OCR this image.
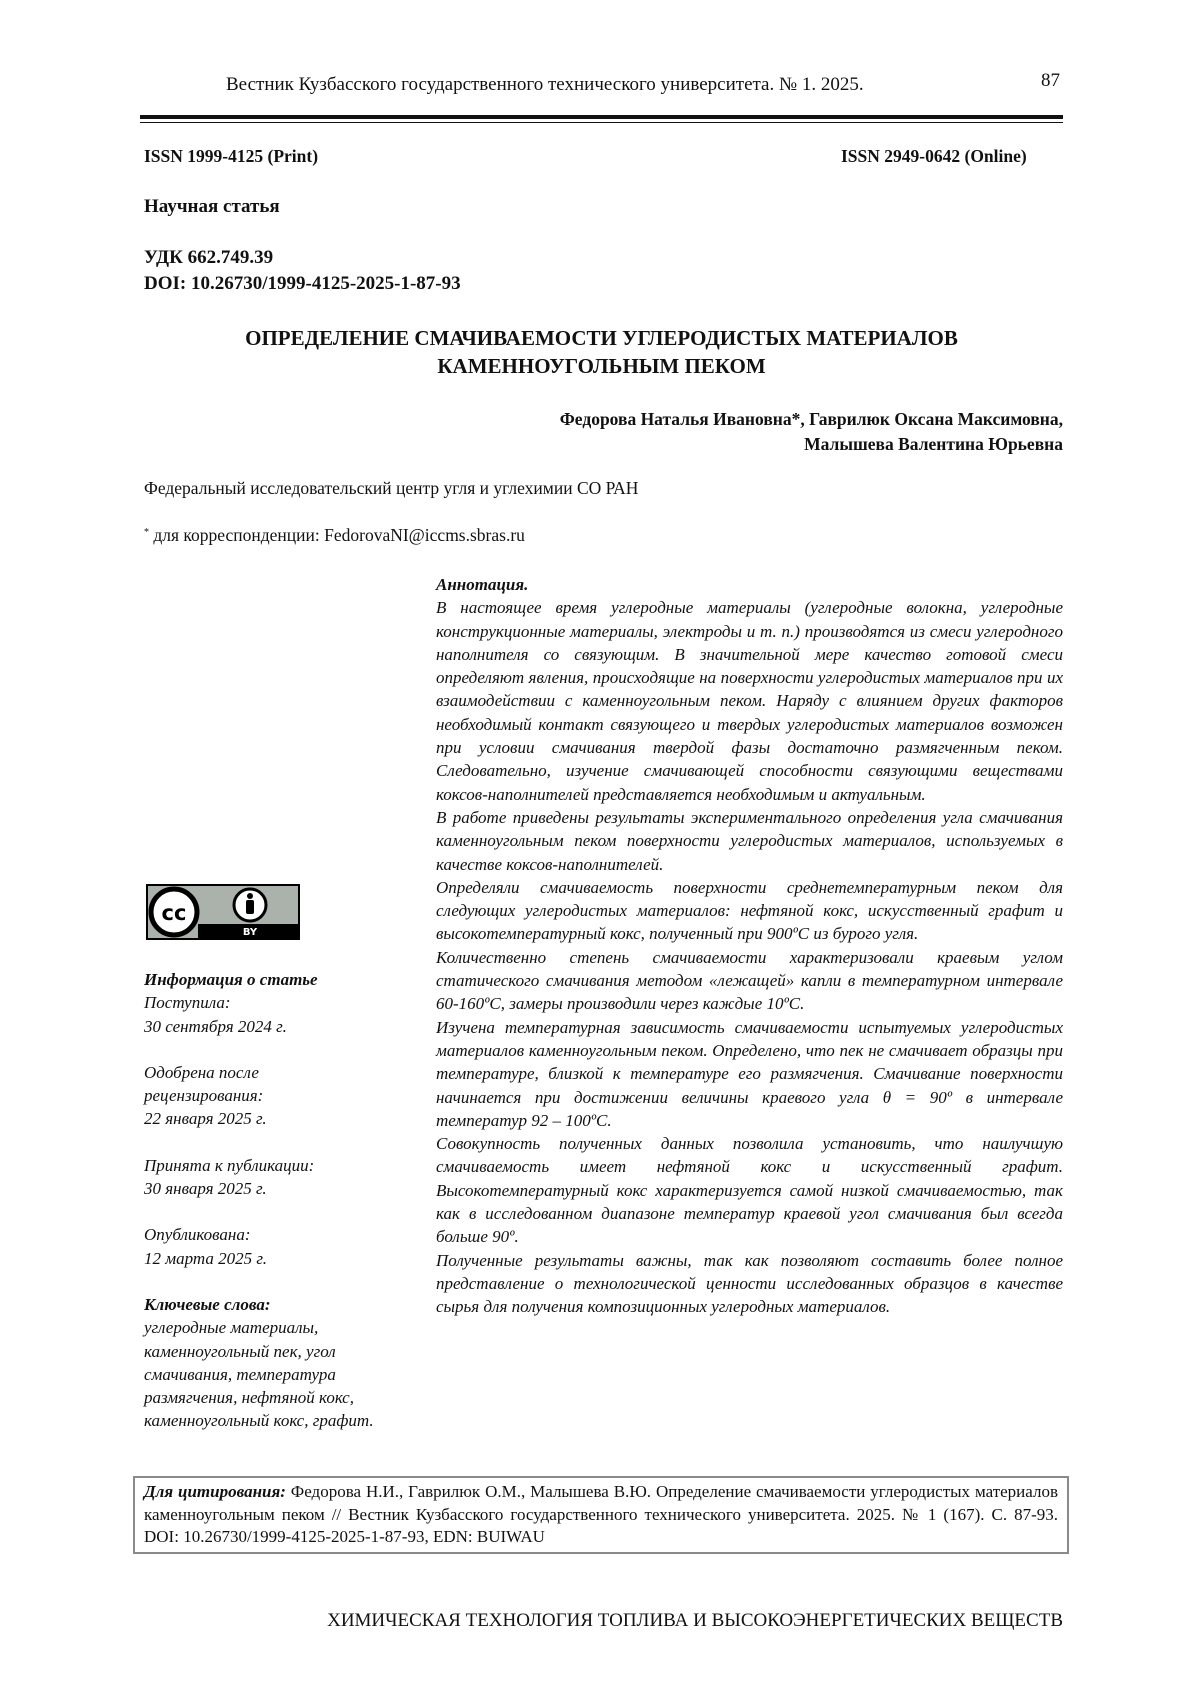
Вестник Кузбасского государственного технического университета. № 1. 2025.	87
ISSN 1999-4125 (Print)	ISSN 2949-0642 (Online)
Научная статья
УДК 662.749.39
DOI: 10.26730/1999-4125-2025-1-87-93
ОПРЕДЕЛЕНИЕ СМАЧИВАЕМОСТИ УГЛЕРОДИСТЫХ МАТЕРИАЛОВ
КАМЕННОУГОЛЬНЫМ ПЕКОМ
Федорова Наталья Ивановна*, Гаврилюк Оксана Максимовна,
Малышева Валентина Юрьевна
Федеральный исследовательский центр угля и углехимии СО РАН
* для корреспонденции: FedorovaNI@iccms.sbras.ru
cc
BY

Информация о статье

Поступила:

30 сентября 2024 г.

Одобрена после

рецензирования:

22 января 2025 г.

Принята к публикации:

30 января 2025 г.

Опубликована:

12 марта 2025 г.

Ключевые слова:

углеродные материалы, каменноугольный пек, угол смачивания, температура размягчения, нефтяной кокс, каменноугольный кокс, графит.

Аннотация.

В настоящее время углеродные материалы (углеродные волокна, углеродные конструкционные материалы, электроды и т. п.) производятся из смеси углеродного наполнителя со связующим. В значительной мере качество готовой смеси определяют явления, происходящие на поверхности углеродистых материалов при их взаимодействии с каменноугольным пеком. Наряду с влиянием других факторов необходимый контакт связующего и твердых углеродистых материалов возможен при условии смачивания твердой фазы достаточно размягченным пеком. Следовательно, изучение смачивающей способности связующими веществами коксов-наполнителей представляется необходимым и актуальным.

В работе приведены результаты экспериментального определения угла смачивания каменноугольным пеком поверхности углеродистых материалов, используемых в качестве коксов-наполнителей.

Определяли смачиваемость поверхности среднетемпературным пеком для следующих углеродистых материалов: нефтяной кокс, искусственный графит и высокотемпературный кокс, полученный при 900ºС из бурого угля.

Количественно степень смачиваемости характеризовали краевым углом статического смачивания методом «лежащей» капли в температурном интервале 60-160ºС, замеры производили через каждые 10ºС.

Изучена температурная зависимость смачиваемости испытуемых углеродистых материалов каменноугольным пеком. Определено, что пек не смачивает образцы при температуре, близкой к температуре его размягчения. Смачивание поверхности начинается при достижении величины краевого угла θ = 90º в интервале температур 92 – 100ºС.

Совокупность полученных данных позволила установить, что наилучшую смачиваемость имеет нефтяной кокс и искусственный графит. Высокотемпературный кокс характеризуется самой низкой смачиваемостью, так как в исследованном диапазоне температур краевой угол смачивания был всегда больше 90º.

Полученные результаты важны, так как позволяют составить более полное представление о технологической ценности исследованных образцов в качестве сырья для получения композиционных углеродных материалов.

Для цитирования: Федорова Н.И., Гаврилюк О.М., Малышева В.Ю. Определение смачиваемости углеродистых материалов каменноугольным пеком // Вестник Кузбасского государственного технического университета. 2025. № 1 (167). С. 87-93. DOI: 10.26730/1999-4125-2025-1-87-93, EDN: BUIWAU
ХИМИЧЕСКАЯ ТЕХНОЛОГИЯ ТОПЛИВА И ВЫСОКОЭНЕРГЕТИЧЕСКИХ ВЕЩЕСТВ
